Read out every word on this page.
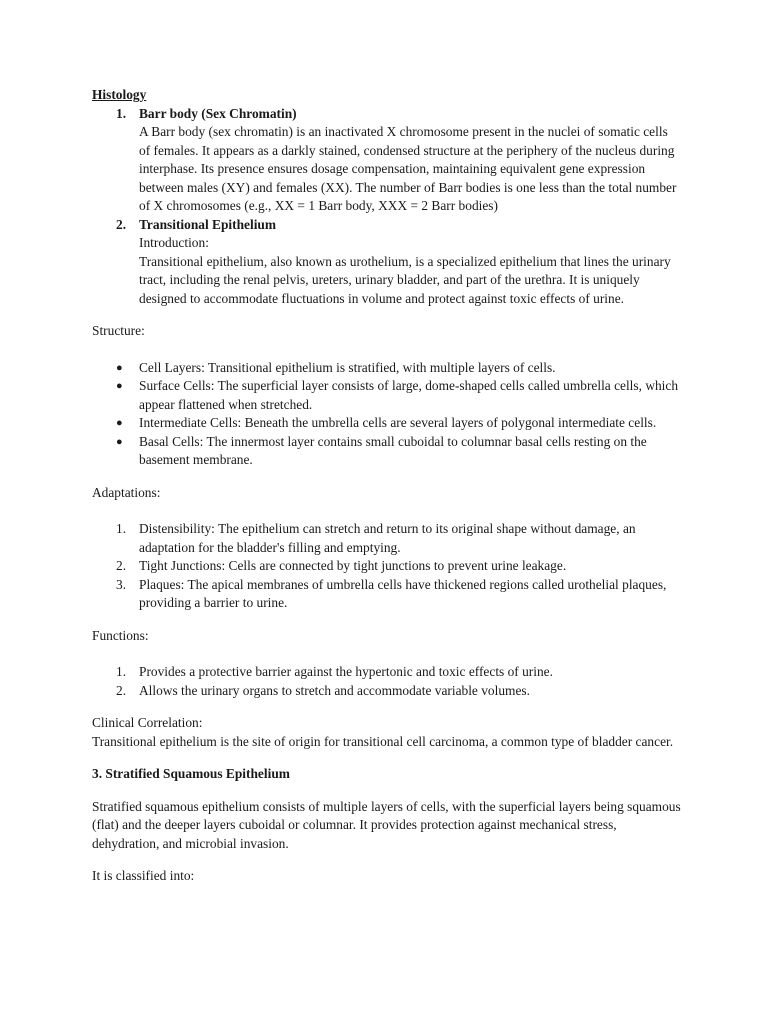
Histology

1. Barr body (Sex Chromatin)

A Barr body (sex chromatin) is an inactivated X chromosome present in the nuclei of somatic cells of females. It appears as a darkly stained, condensed structure at the periphery of the nucleus during interphase. Its presence ensures dosage compensation, maintaining equivalent gene expression between males (XY) and females (XX). The number of Barr bodies is one less than the total number of X chromosomes (e.g., XX = 1 Barr body, XXX = 2 Barr bodies)

2. Transitional Epithelium

Introduction:

Transitional epithelium, also known as urothelium, is a specialized epithelium that lines the urinary tract, including the renal pelvis, ureters, urinary bladder, and part of the urethra. It is uniquely designed to accommodate fluctuations in volume and protect against toxic effects of urine.

Structure:

● Cell Layers: Transitional epithelium is stratified, with multiple layers of cells.

● Surface Cells: The superficial layer consists of large, dome-shaped cells called umbrella cells, which appear flattened when stretched.

● Intermediate Cells: Beneath the umbrella cells are several layers of polygonal intermediate cells.

● Basal Cells: The innermost layer contains small cuboidal to columnar basal cells resting on the basement membrane.

Adaptations:

1. Distensibility: The epithelium can stretch and return to its original shape without damage, an adaptation for the bladder's filling and emptying.

2. Tight Junctions: Cells are connected by tight junctions to prevent urine leakage.

3. Plaques: The apical membranes of umbrella cells have thickened regions called urothelial plaques, providing a barrier to urine.

Functions:

1. Provides a protective barrier against the hypertonic and toxic effects of urine.

2. Allows the urinary organs to stretch and accommodate variable volumes.

Clinical Correlation:

Transitional epithelium is the site of origin for transitional cell carcinoma, a common type of bladder cancer.

3. Stratified Squamous Epithelium

Stratified squamous epithelium consists of multiple layers of cells, with the superficial layers being squamous (flat) and the deeper layers cuboidal or columnar. It provides protection against mechanical stress, dehydration, and microbial invasion.

It is classified into:
